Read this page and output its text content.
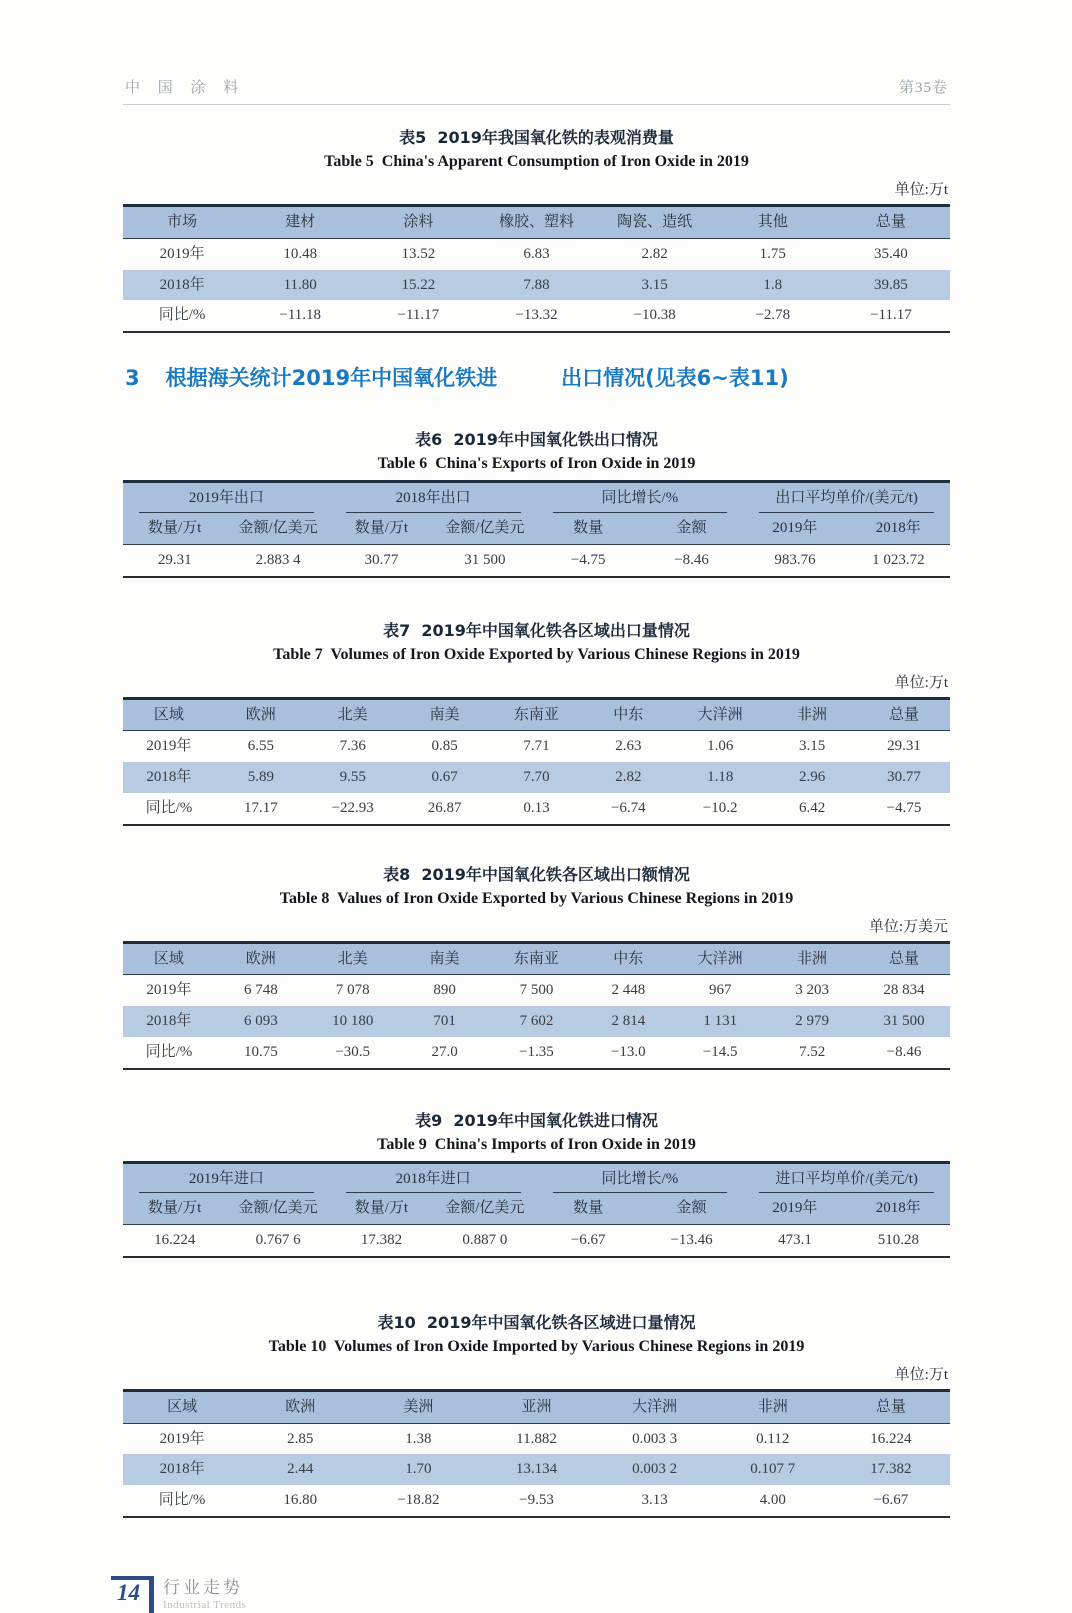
中 国 涂 料	第35卷
表5  2019年我国氧化铁的表观消费量
Table 5  China's Apparent Consumption of Iron Oxide in 2019
单位:万t
市场	建材	涂料	橡胶、塑料	陶瓷、造纸	其他	总量
2019年	10.48	13.52	6.83	2.82	1.75	35.40
2018年	11.80	15.22	7.88	3.15	1.8	39.85
同比/%	−11.18	−11.17	−13.32	−10.38	−2.78	−11.17
3 根据海关统计2019年中国氧化铁进	出口情况(见表6~表11)
表6  2019年中国氧化铁出口情况
Table 6  China's Exports of Iron Oxide in 2019
2019年出口		2018年出口		同比增长/%		出口平均单价/(美元/t)	

数量/万t	金额/亿美元	数量/万t	金额/亿美元	数量	金额	2019年	2018年
29.31	2.883 4	30.77	31 500	−4.75	−8.46	983.76	1 023.72
表7  2019年中国氧化铁各区域出口量情况
Table 7  Volumes of Iron Oxide Exported by Various Chinese Regions in 2019
单位:万t
区域	欧洲	北美	南美	东南亚	中东	大洋洲	非洲	总量
2019年	6.55	7.36	0.85	7.71	2.63	1.06	3.15	29.31
2018年	5.89	9.55	0.67	7.70	2.82	1.18	2.96	30.77
同比/%	17.17	−22.93	26.87	0.13	−6.74	−10.2	6.42	−4.75
表8  2019年中国氧化铁各区域出口额情况
Table 8  Values of Iron Oxide Exported by Various Chinese Regions in 2019
单位:万美元
区域	欧洲	北美	南美	东南亚	中东	大洋洲	非洲	总量
2019年	6 748	7 078	890	7 500	2 448	967	3 203	28 834
2018年	6 093	10 180	701	7 602	2 814	1 131	2 979	31 500
同比/%	10.75	−30.5	27.0	−1.35	−13.0	−14.5	7.52	−8.46
表9  2019年中国氧化铁进口情况
Table 9  China's Imports of Iron Oxide in 2019
2019年进口		2018年进口		同比增长/%		进口平均单价/(美元/t)	

数量/万t	金额/亿美元	数量/万t	金额/亿美元	数量	金额	2019年	2018年
16.224	0.767 6	17.382	0.887 0	−6.67	−13.46	473.1	510.28
表10  2019年中国氧化铁各区域进口量情况
Table 10  Volumes of Iron Oxide Imported by Various Chinese Regions in 2019
单位:万t
区域	欧洲	美洲	亚洲	大洋洲	非洲	总量
2019年	2.85	1.38	11.882	0.003 3	0.112	16.224
2018年	2.44	1.70	13.134	0.003 2	0.107 7	17.382
同比/%	16.80	−18.82	−9.53	3.13	4.00	−6.67
14 行业走势
Industrial Trends
